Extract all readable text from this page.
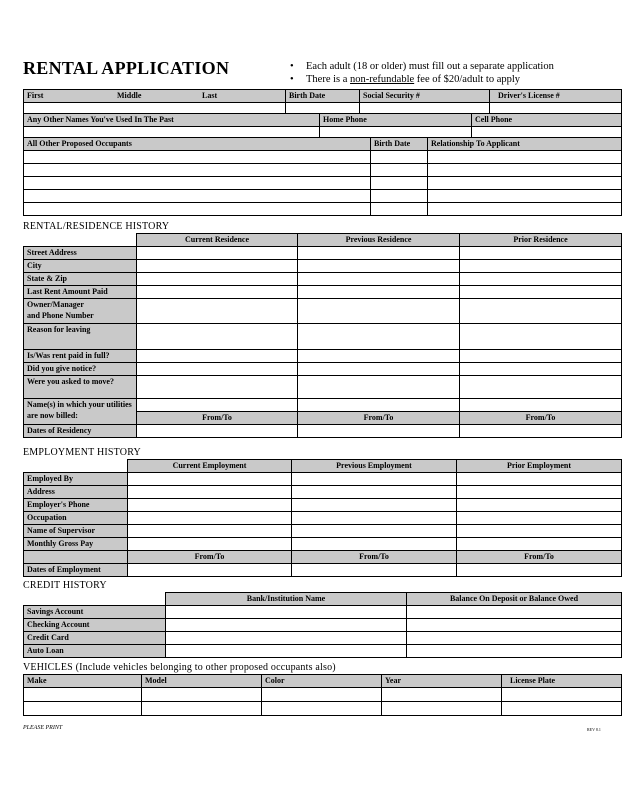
RENTAL APPLICATION	• Each adult (18 or older) must fill out a separate application
• There is a non-refundable fee of $20/adult to apply
First Middle Last	Birth Date	Social Security #	Driver's License #

Any Other Names You've Used In The Past	Home Phone	Cell Phone

All Other Proposed Occupants	Birth Date	Relationship To Applicant

RENTAL/RESIDENCE HISTORY
	Current Residence	Previous Residence	Prior Residence
Street Address			
City			
State & Zip			
Last Rent Amount Paid			
Owner/Manager
and Phone Number			
Reason for leaving			
Is/Was rent paid in full?			
Did you give notice?			
Were you asked to move?			
Name(s) in which your utilities are now billed:			
	From/To	From/To	From/To
Dates of Residency			
EMPLOYMENT HISTORY
	Current Employment	Previous Employment	Prior Employment
Employed By			
Address			
Employer's Phone			
Occupation			
Name of Supervisor			
Monthly Gross Pay			
	From/To	From/To	From/To
Dates of Employment			
CREDIT HISTORY
	Bank/Institution Name	Balance On Deposit or Balance Owed
Savings Account		
Checking Account		
Credit Card		
Auto Loan		
VEHICLES (Include vehicles belonging to other proposed occupants also)
Make	Model	Color	Year	License Plate

PLEASE PRINT	REV 8.1
